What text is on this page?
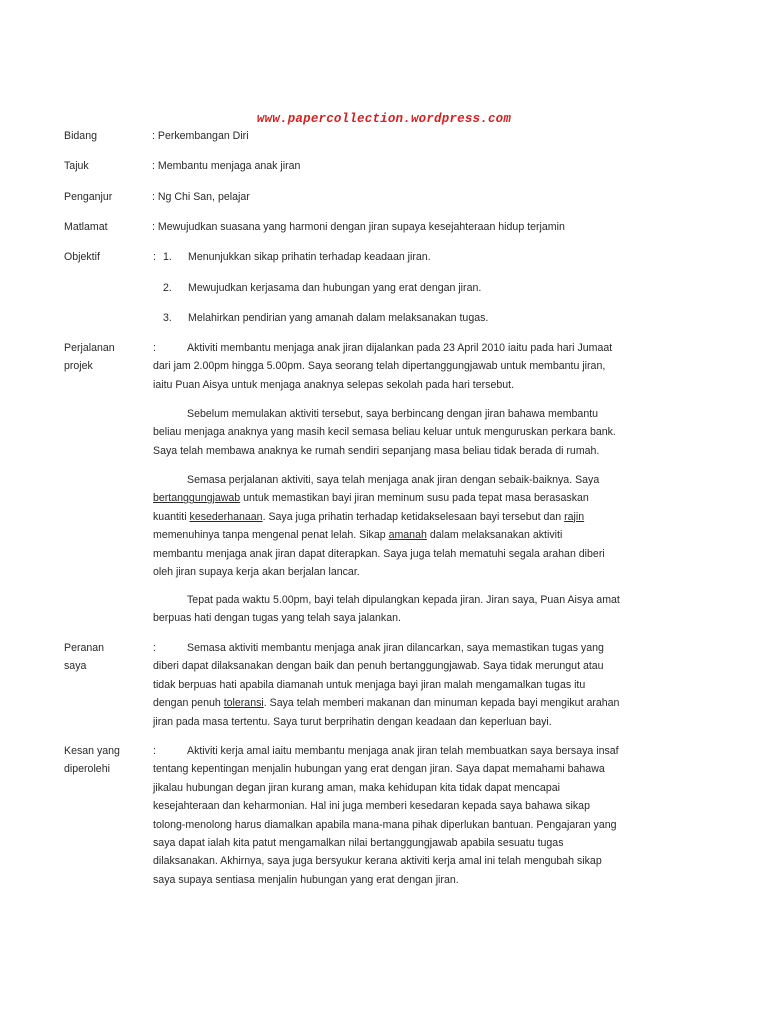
www.papercollection.wordpress.com
Bidang	: Perkembangan Diri
Tajuk	: Membantu menjaga anak jiran
Penganjur	: Ng Chi San, pelajar
Matlamat	: Mewujudkan suasana yang harmoni dengan jiran supaya kesejahteraan hidup terjamin
Objektif	: 1. Menunjukkan sikap prihatin terhadap keadaan jiran.
2. Mewujudkan kerjasama dan hubungan yang erat dengan jiran.
3. Melahirkan pendirian yang amanah dalam melaksanakan tugas.
Perjalanan
projek
:	Aktiviti membantu menjaga anak jiran dijalankan pada 23 April 2010 iaitu pada hari Jumaat
dari jam 2.00pm hingga 5.00pm. Saya seorang telah dipertanggungjawab untuk membantu jiran,
iaitu Puan Aisya untuk menjaga anaknya selepas sekolah pada hari tersebut.
Sebelum memulakan aktiviti tersebut, saya berbincang dengan jiran bahawa membantu
beliau menjaga anaknya yang masih kecil semasa beliau keluar untuk menguruskan perkara bank.
Saya telah membawa anaknya ke rumah sendiri sepanjang masa beliau tidak berada di rumah.
Semasa perjalanan aktiviti, saya telah menjaga anak jiran dengan sebaik-baiknya. Saya
bertanggungjawab untuk memastikan bayi jiran meminum susu pada tepat masa berasaskan
kuantiti kesederhanaan. Saya juga prihatin terhadap ketidakselesaan bayi tersebut dan rajin
memenuhinya tanpa mengenal penat lelah. Sikap amanah dalam melaksanakan aktiviti
membantu menjaga anak jiran dapat diterapkan. Saya juga telah mematuhi segala arahan diberi
oleh jiran supaya kerja akan berjalan lancar.
Tepat pada waktu 5.00pm, bayi telah dipulangkan kepada jiran. Jiran saya, Puan Aisya amat
berpuas hati dengan tugas yang telah saya jalankan.
Peranan
saya
:	Semasa aktiviti membantu menjaga anak jiran dilancarkan, saya memastikan tugas yang
diberi dapat dilaksanakan dengan baik dan penuh bertanggungjawab. Saya tidak merungut atau
tidak berpuas hati apabila diamanah untuk menjaga bayi jiran malah mengamalkan tugas itu
dengan penuh toleransi. Saya telah memberi makanan dan minuman kepada bayi mengikut arahan
jiran pada masa tertentu. Saya turut berprihatin dengan keadaan dan keperluan bayi.
Kesan yang
diperolehi
:	Aktiviti kerja amal iaitu membantu menjaga anak jiran telah membuatkan saya bersaya insaf
tentang kepentingan menjalin hubungan yang erat dengan jiran. Saya dapat memahami bahawa
jikalau hubungan degan jiran kurang aman, maka kehidupan kita tidak dapat mencapai
kesejahteraan dan keharmonian. Hal ini juga memberi kesedaran kepada saya bahawa sikap
tolong-menolong harus diamalkan apabila mana-mana pihak diperlukan bantuan. Pengajaran yang
saya dapat ialah kita patut mengamalkan nilai bertanggungjawab apabila sesuatu tugas
dilaksanakan. Akhirnya, saya juga bersyukur kerana aktiviti kerja amal ini telah mengubah sikap
saya supaya sentiasa menjalin hubungan yang erat dengan jiran.
